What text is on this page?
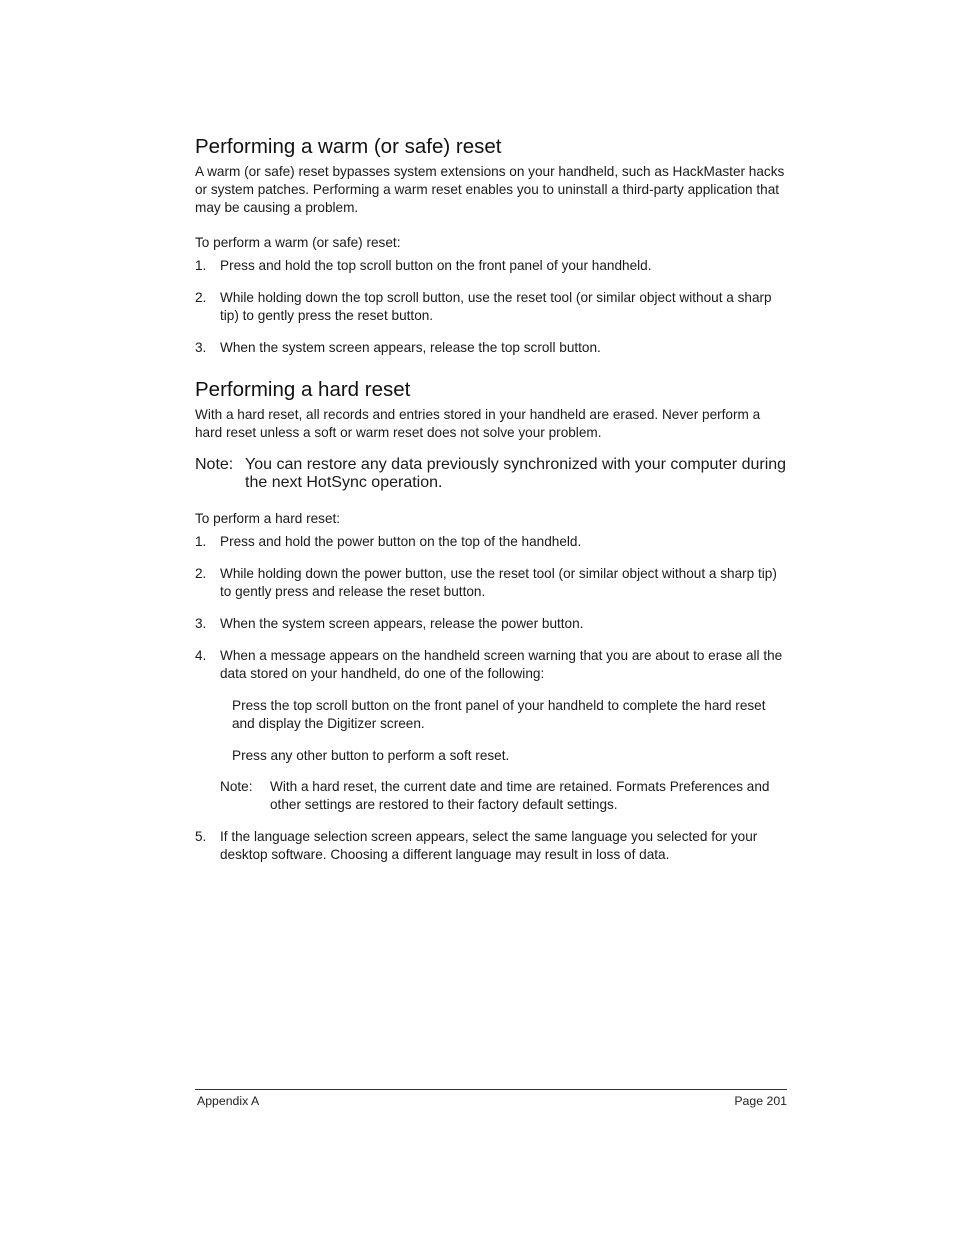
Performing a warm (or safe) reset

A warm (or safe) reset bypasses system extensions on your handheld, such as HackMaster hacks or system patches. Performing a warm reset enables you to uninstall a third-party application that may be causing a problem.

To perform a warm (or safe) reset:

1.	Press and hold the top scroll button on the front panel of your handheld.
2.	While holding down the top scroll button, use the reset tool (or similar object without a sharp tip) to gently press the reset button.
3.	When the system screen appears, release the top scroll button.
Performing a hard reset

With a hard reset, all records and entries stored in your handheld are erased. Never perform a hard reset unless a soft or warm reset does not solve your problem.

Note: You can restore any data previously synchronized with your computer during the next HotSync operation.

To perform a hard reset:

1.	Press and hold the power button on the top of the handheld.
2.	While holding down the power button, use the reset tool (or similar object without a sharp tip) to gently press and release the reset button.
3.	When the system screen appears, release the power button.
4.	When a message appears on the handheld screen warning that you are about to erase all the data stored on your handheld, do one of the following:

Press the top scroll button on the front panel of your handheld to complete the hard reset and display the Digitizer screen.

Press any other button to perform a soft reset.

Note:	With a hard reset, the current date and time are retained. Formats Preferences and other settings are restored to their factory default settings.
5.	If the language selection screen appears, select the same language you selected for your desktop software. Choosing a different language may result in loss of data.
Appendix A	Page 201
